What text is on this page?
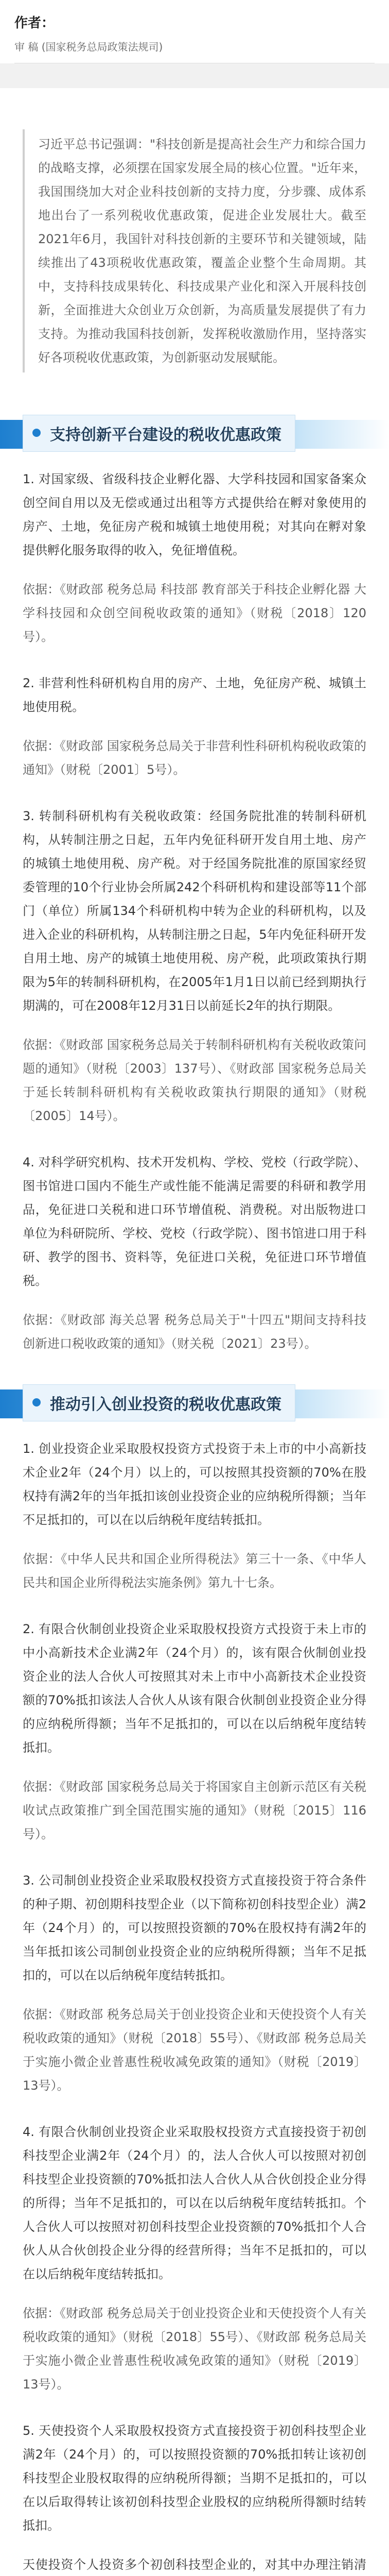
作者：
审 稿 (国家税务总局政策法规司)
习近平总书记强调："科技创新是提高社会生产力和综合国力的战略支撑，必须摆在国家发展全局的核心位置。"近年来，我国围绕加大对企业科技创新的支持力度，分步骤、成体系地出台了一系列税收优惠政策，促进企业发展壮大。截至2021年6月，我国针对科技创新的主要环节和关键领域，陆续推出了43项税收优惠政策，覆盖企业整个生命周期。其中，支持科技成果转化、科技成果产业化和深入开展科技创新，全面推进大众创业万众创新，为高质量发展提供了有力支持。为推动我国科技创新，发挥税收激励作用，坚持落实好各项税收优惠政策，为创新驱动发展赋能。
支持创新平台建设的税收优惠政策

1. 对国家级、省级科技企业孵化器、大学科技园和国家备案众创空间自用以及无偿或通过出租等方式提供给在孵对象使用的房产、土地，免征房产税和城镇土地使用税；对其向在孵对象提供孵化服务取得的收入，免征增值税。

依据：《财政部 税务总局 科技部 教育部关于科技企业孵化器 大学科技园和众创空间税收政策的通知》（财税〔2018〕120号）。

2. 非营利性科研机构自用的房产、土地，免征房产税、城镇土地使用税。

依据：《财政部 国家税务总局关于非营利性科研机构税收政策的通知》（财税〔2001〕5号）。

3. 转制科研机构有关税收政策：经国务院批准的转制科研机构，从转制注册之日起，五年内免征科研开发自用土地、房产的城镇土地使用税、房产税。对于经国务院批准的原国家经贸委管理的10个行业协会所属242个科研机构和建设部等11个部门（单位）所属134个科研机构中转为企业的科研机构，以及进入企业的科研机构，从转制注册之日起，5年内免征科研开发自用土地、房产的城镇土地使用税、房产税，此项政策执行期限为5年的转制科研机构，在2005年1月1日以前已经到期执行期满的，可在2008年12月31日以前延长2年的执行期限。

依据：《财政部 国家税务总局关于转制科研机构有关税收政策问题的通知》（财税〔2003〕137号）、《财政部 国家税务总局关于延长转制科研机构有关税收政策执行期限的通知》（财税〔2005〕14号）。

4. 对科学研究机构、技术开发机构、学校、党校（行政学院）、图书馆进口国内不能生产或性能不能满足需要的科研和教学用品，免征进口关税和进口环节增值税、消费税。对出版物进口单位为科研院所、学校、党校（行政学院）、图书馆进口用于科研、教学的图书、资料等，免征进口关税，免征进口环节增值税。

依据：《财政部 海关总署 税务总局关于"十四五"期间支持科技创新进口税收政策的通知》（财关税〔2021〕23号）。

推动引入创业投资的税收优惠政策

1. 创业投资企业采取股权投资方式投资于未上市的中小高新技术企业2年（24个月）以上的，可以按照其投资额的70%在股权持有满2年的当年抵扣该创业投资企业的应纳税所得额；当年不足抵扣的，可以在以后纳税年度结转抵扣。

依据：《中华人民共和国企业所得税法》第三十一条、《中华人民共和国企业所得税法实施条例》第九十七条。

2. 有限合伙制创业投资企业采取股权投资方式投资于未上市的中小高新技术企业满2年（24个月）的，该有限合伙制创业投资企业的法人合伙人可按照其对未上市中小高新技术企业投资额的70%抵扣该法人合伙人从该有限合伙制创业投资企业分得的应纳税所得额；当年不足抵扣的，可以在以后纳税年度结转抵扣。

依据：《财政部 国家税务总局关于将国家自主创新示范区有关税收试点政策推广到全国范围实施的通知》（财税〔2015〕116号）。

3. 公司制创业投资企业采取股权投资方式直接投资于符合条件的种子期、初创期科技型企业（以下简称初创科技型企业）满2年（24个月）的，可以按照投资额的70%在股权持有满2年的当年抵扣该公司制创业投资企业的应纳税所得额；当年不足抵扣的，可以在以后纳税年度结转抵扣。

依据：《财政部 税务总局关于创业投资企业和天使投资个人有关税收政策的通知》（财税〔2018〕55号）、《财政部 税务总局关于实施小微企业普惠性税收减免政策的通知》（财税〔2019〕13号）。

4. 有限合伙制创业投资企业采取股权投资方式直接投资于初创科技型企业满2年（24个月）的，法人合伙人可以按照对初创科技型企业投资额的70%抵扣法人合伙人从合伙创投企业分得的所得；当年不足抵扣的，可以在以后纳税年度结转抵扣。个人合伙人可以按照对初创科技型企业投资额的70%抵扣个人合伙人从合伙创投企业分得的经营所得；当年不足抵扣的，可以在以后纳税年度结转抵扣。

依据：《财政部 税务总局关于创业投资企业和天使投资个人有关税收政策的通知》（财税〔2018〕55号）、《财政部 税务总局关于实施小微企业普惠性税收减免政策的通知》（财税〔2019〕13号）。

5. 天使投资个人采取股权投资方式直接投资于初创科技型企业满2年（24个月）的，可以按照投资额的70%抵扣转让该初创科技型企业股权取得的应纳税所得额；当期不足抵扣的，可以在以后取得转让该初创科技型企业股权的应纳税所得额时结转抵扣。

天使投资个人投资多个初创科技型企业的，对其中办理注销清
